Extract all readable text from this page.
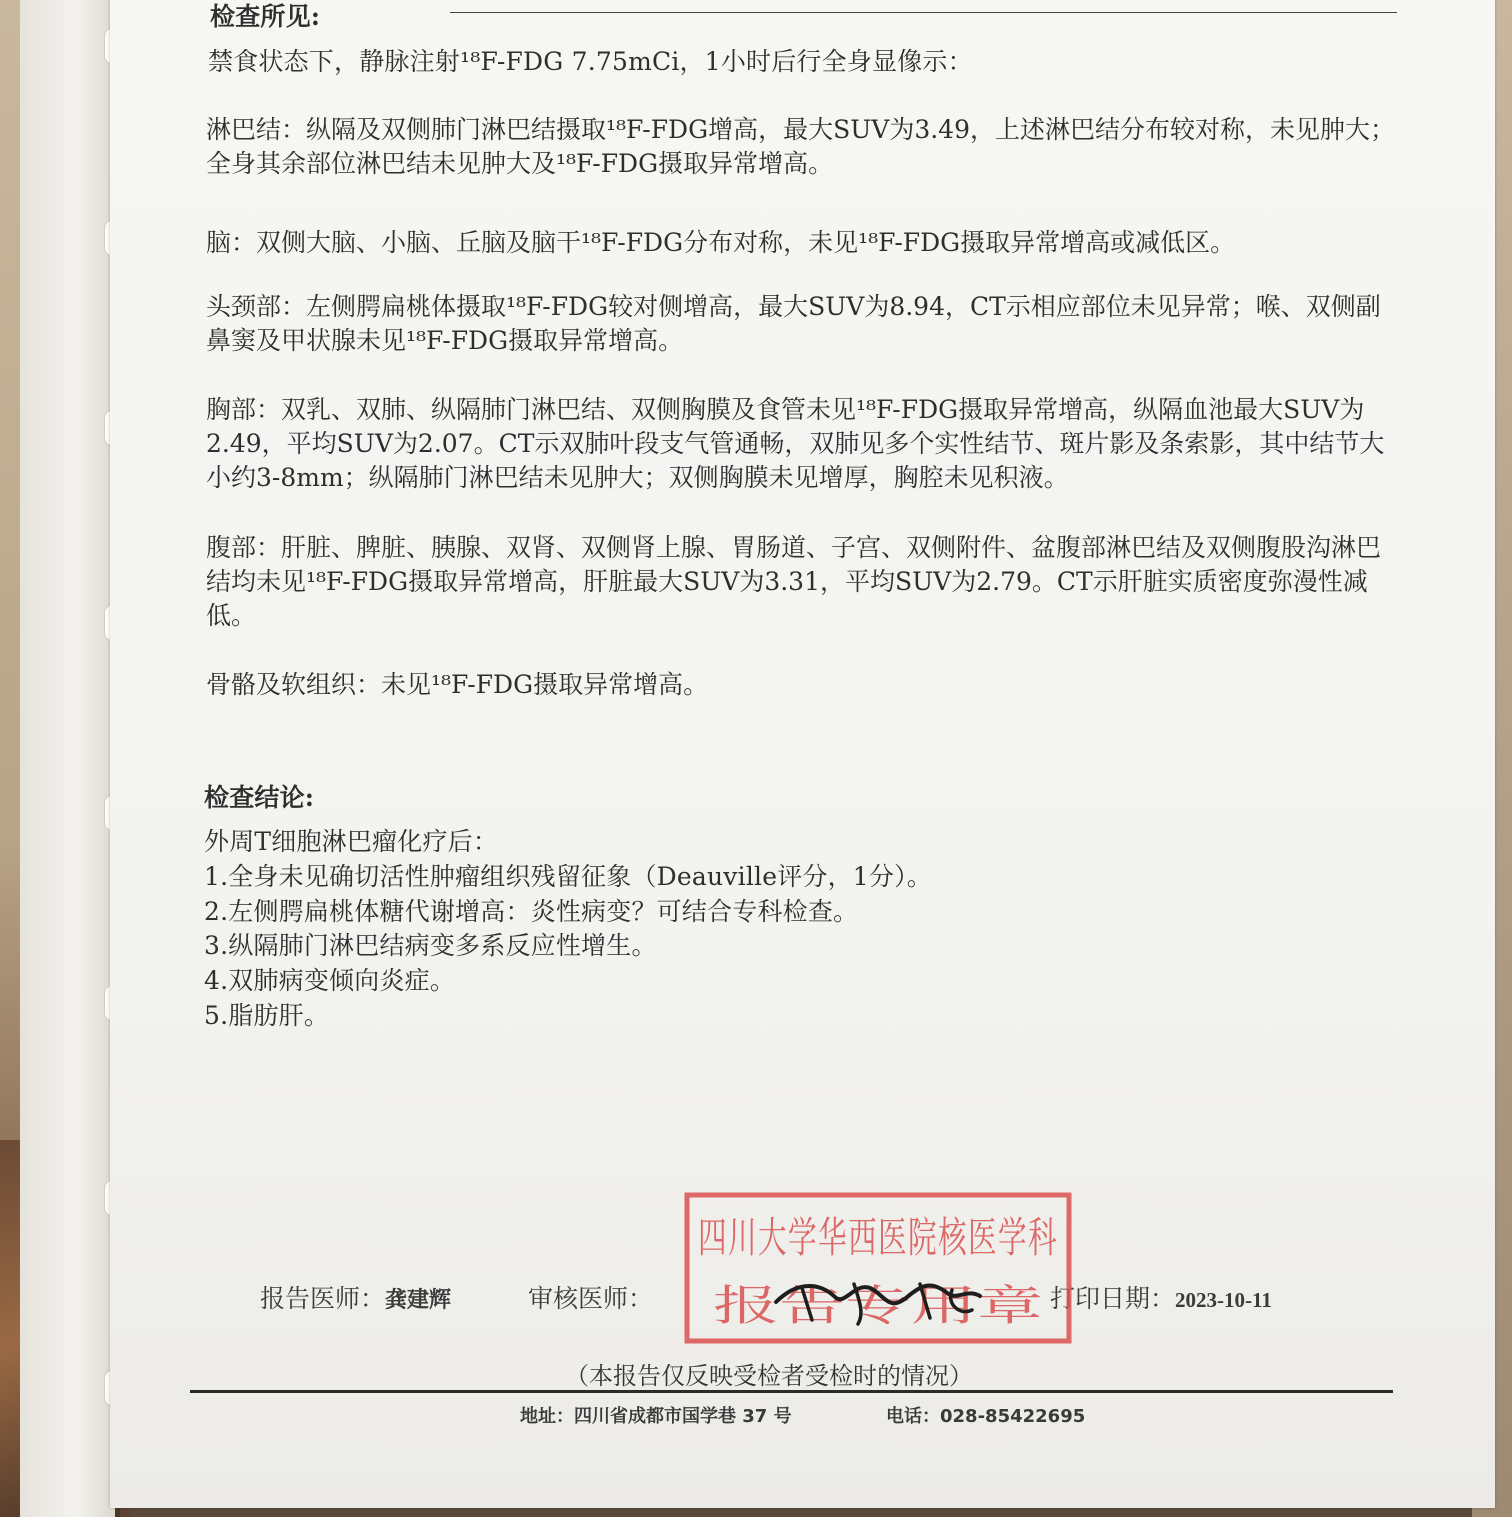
检查所见:
禁食状态下，静脉注射¹⁸F-FDG 7.75mCi，1小时后行全身显像示：
淋巴结：纵隔及双侧肺门淋巴结摄取¹⁸F-FDG增高，最大SUV为3.49，上述淋巴结分布较对称，未见肿大；全身其余部位淋巴结未见肿大及¹⁸F-FDG摄取异常增高。
脑：双侧大脑、小脑、丘脑及脑干¹⁸F-FDG分布对称，未见¹⁸F-FDG摄取异常增高或减低区。
头颈部：左侧腭扁桃体摄取¹⁸F-FDG较对侧增高，最大SUV为8.94，CT示相应部位未见异常；喉、双侧副鼻窦及甲状腺未见¹⁸F-FDG摄取异常增高。
胸部：双乳、双肺、纵隔肺门淋巴结、双侧胸膜及食管未见¹⁸F-FDG摄取异常增高，纵隔血池最大SUV为2.49，平均SUV为2.07。CT示双肺叶段支气管通畅，双肺见多个实性结节、斑片影及条索影，其中结节大小约3-8mm；纵隔肺门淋巴结未见肿大；双侧胸膜未见增厚，胸腔未见积液。
腹部：肝脏、脾脏、胰腺、双肾、双侧肾上腺、胃肠道、子宫、双侧附件、盆腹部淋巴结及双侧腹股沟淋巴结均未见¹⁸F-FDG摄取异常增高，肝脏最大SUV为3.31，平均SUV为2.79。CT示肝脏实质密度弥漫性减低。
骨骼及软组织：未见¹⁸F-FDG摄取异常增高。
检查结论:
外周T细胞淋巴瘤化疗后：
1.全身未见确切活性肿瘤组织残留征象（Deauville评分，1分）。
2.左侧腭扁桃体糖代谢增高：炎性病变？可结合专科检查。
3.纵隔肺门淋巴结病变多系反应性增生。
4.双肺病变倾向炎症。
5.脂肪肝。
报告医师：龚建辉	审核医师：	打印日期：2023-10-11
四川大学华西医院核医学科
报告专用章
（本报告仅反映受检者受检时的情况）
地址：四川省成都市国学巷 37 号	电话：028-85422695
